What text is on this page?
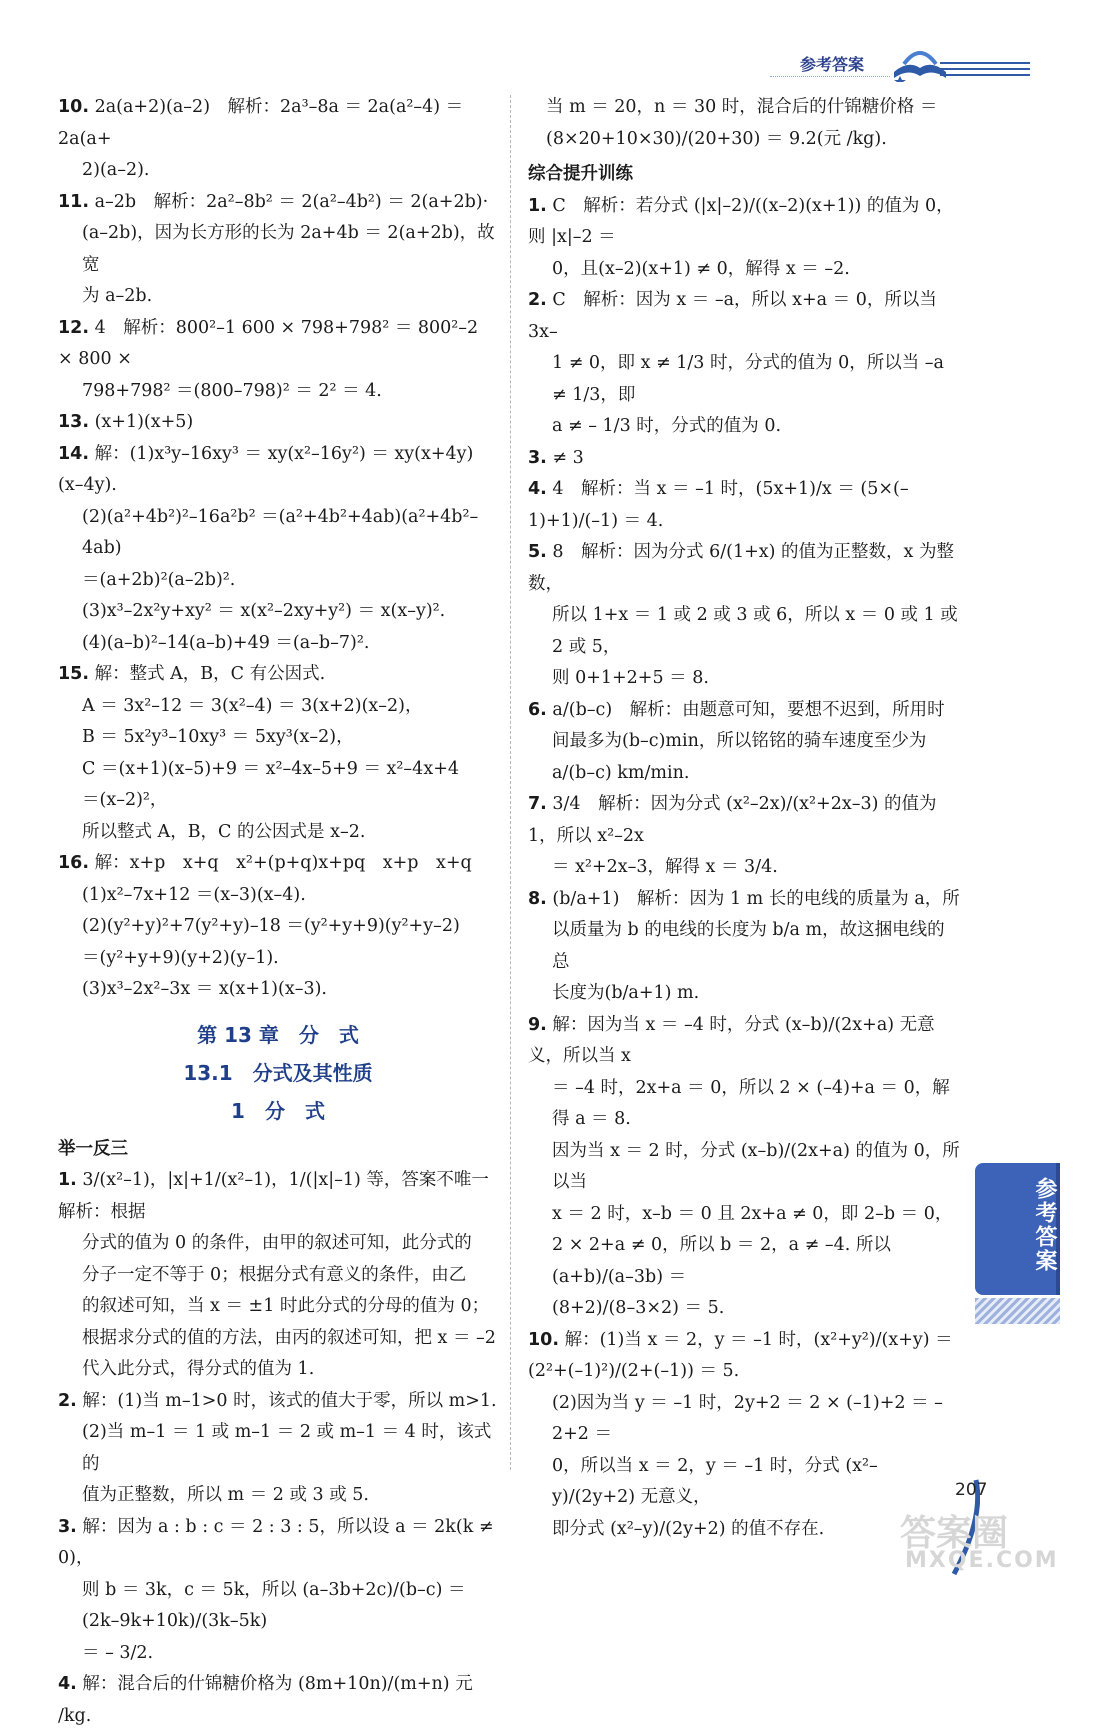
参考答案
10. 2a(a+2)(a–2)　解析：2a³–8a ＝ 2a(a²–4) ＝ 2a(a+
2)(a–2).
11. a–2b　解析：2a²–8b² ＝ 2(a²–4b²) ＝ 2(a+2b)·
(a–2b)，因为长方形的长为 2a+4b ＝ 2(a+2b)，故宽
为 a–2b.
12. 4　解析：800²–1 600 × 798+798² ＝ 800²–2 × 800 ×
798+798² ＝(800–798)² ＝ 2² ＝ 4.
13. (x+1)(x+5)
14. 解：(1)x³y–16xy³ ＝ xy(x²–16y²) ＝ xy(x+4y)(x–4y).
(2)(a²+4b²)²–16a²b² ＝(a²+4b²+4ab)(a²+4b²–4ab)
＝(a+2b)²(a–2b)².
(3)x³–2x²y+xy² ＝ x(x²–2xy+y²) ＝ x(x–y)².
(4)(a–b)²–14(a–b)+49 ＝(a–b–7)².
15. 解：整式 A，B，C 有公因式.
A ＝ 3x²–12 ＝ 3(x²–4) ＝ 3(x+2)(x–2)，
B ＝ 5x²y³–10xy³ ＝ 5xy³(x–2)，
C ＝(x+1)(x–5)+9 ＝ x²–4x–5+9 ＝ x²–4x+4
＝(x–2)²，
所以整式 A，B，C 的公因式是 x–2.
16. 解：x+p　x+q　x²+(p+q)x+pq　x+p　x+q
(1)x²–7x+12 ＝(x–3)(x–4).
(2)(y²+y)²+7(y²+y)–18 ＝(y²+y+9)(y²+y–2)
＝(y²+y+9)(y+2)(y–1).
(3)x³–2x²–3x ＝ x(x+1)(x–3).
第 13 章　分　式
13.1　分式及其性质
1　分　式
举一反三
1. 3/(x²–1)，|x|+1/(x²–1)，1/(|x|–1) 等，答案不唯一　解析：根据
分式的值为 0 的条件，由甲的叙述可知，此分式的
分子一定不等于 0；根据分式有意义的条件，由乙
的叙述可知，当 x ＝ ±1 时此分式的分母的值为 0；
根据求分式的值的方法，由丙的叙述可知，把 x ＝ –2
代入此分式，得分式的值为 1.
2. 解：(1)当 m–1>0 时，该式的值大于零，所以 m>1.
(2)当 m–1 ＝ 1 或 m–1 ＝ 2 或 m–1 ＝ 4 时，该式的
值为正整数，所以 m ＝ 2 或 3 或 5.
3. 解：因为 a : b : c ＝ 2 : 3 : 5，所以设 a ＝ 2k(k ≠ 0)，
则 b ＝ 3k，c ＝ 5k，所以 (a–3b+2c)/(b–c) ＝ (2k–9k+10k)/(3k–5k)
＝ – 3/2.
4. 解：混合后的什锦糖价格为 (8m+10n)/(m+n) 元 /kg.
当 m ＝ 20，n ＝ 30 时，混合后的什锦糖价格 ＝
(8×20+10×30)/(20+30) ＝ 9.2(元 /kg).
综合提升训练
1. C　解析：若分式 (|x|–2)/((x–2)(x+1)) 的值为 0，则 |x|–2 ＝
0，且(x–2)(x+1) ≠ 0，解得 x ＝ –2.
2. C　解析：因为 x ＝ –a，所以 x+a ＝ 0，所以当 3x–
1 ≠ 0，即 x ≠ 1/3 时，分式的值为 0，所以当 –a ≠ 1/3，即
a ≠ – 1/3 时，分式的值为 0.
3. ≠ 3
4. 4　解析：当 x ＝ –1 时，(5x+1)/x ＝ (5×(–1)+1)/(–1) ＝ 4.
5. 8　解析：因为分式 6/(1+x) 的值为正整数，x 为整数，
所以 1+x ＝ 1 或 2 或 3 或 6，所以 x ＝ 0 或 1 或 2 或 5，
则 0+1+2+5 ＝ 8.
6. a/(b–c)　解析：由题意可知，要想不迟到，所用时
间最多为(b–c)min，所以铭铭的骑车速度至少为
a/(b–c) km/min.
7. 3/4　解析：因为分式 (x²–2x)/(x²+2x–3) 的值为 1，所以 x²–2x
＝ x²+2x–3，解得 x ＝ 3/4.
8. (b/a+1)　解析：因为 1 m 长的电线的质量为 a，所
以质量为 b 的电线的长度为 b/a m，故这捆电线的总
长度为(b/a+1) m.
9. 解：因为当 x ＝ –4 时，分式 (x–b)/(2x+a) 无意义，所以当 x
＝ –4 时，2x+a ＝ 0，所以 2 × (–4)+a ＝ 0，解得 a ＝ 8.
因为当 x ＝ 2 时，分式 (x–b)/(2x+a) 的值为 0，所以当
x ＝ 2 时，x–b ＝ 0 且 2x+a ≠ 0，即 2–b ＝ 0，
2 × 2+a ≠ 0，所以 b ＝ 2，a ≠ –4. 所以 (a+b)/(a–3b) ＝
(8+2)/(8–3×2) ＝ 5.
10. 解：(1)当 x ＝ 2，y ＝ –1 时，(x²+y²)/(x+y) ＝ (2²+(–1)²)/(2+(–1)) ＝ 5.
(2)因为当 y ＝ –1 时，2y+2 ＝ 2 × (–1)+2 ＝ –2+2 ＝
0，所以当 x ＝ 2，y ＝ –1 时，分式 (x²–y)/(2y+2) 无意义，
即分式 (x²–y)/(2y+2) 的值不存在.
参考答案
207
答案圈
MXQE.COM
